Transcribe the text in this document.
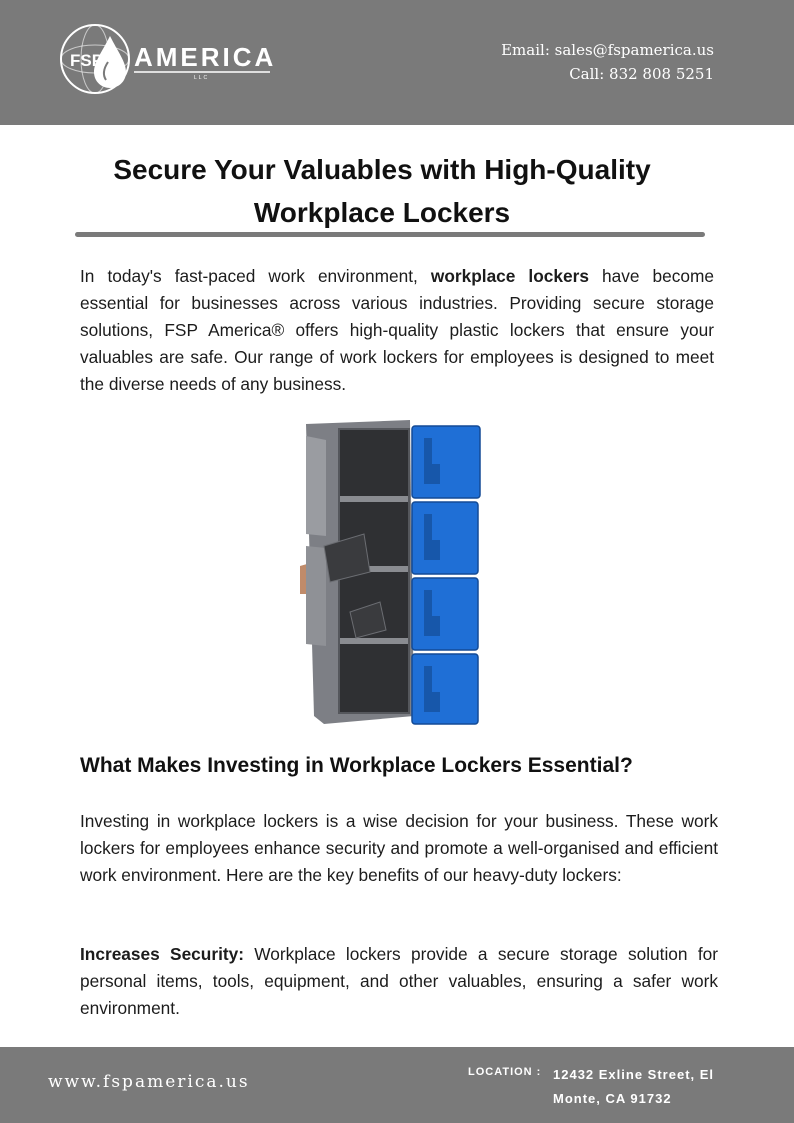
FSP AMERICA
LLC
Email: sales@fspamerica.us
Call: 832 808 5251
Secure Your Valuables with High-Quality Workplace Lockers
In today's fast-paced work environment, workplace lockers have become essential for businesses across various industries. Providing secure storage solutions, FSP America® offers high-quality plastic lockers that ensure your valuables are safe. Our range of work lockers for employees is designed to meet the diverse needs of any business.
What Makes Investing in Workplace Lockers Essential?
Investing in workplace lockers is a wise decision for your business. These work lockers for employees enhance security and promote a well-organised and efficient work environment. Here are the key benefits of our heavy-duty lockers:
Increases Security: Workplace lockers provide a secure storage solution for personal items, tools, equipment, and other valuables, ensuring a safer work environment.
www.fspamerica.us	LOCATION : 12432 Exline Street, El Monte, CA 91732
